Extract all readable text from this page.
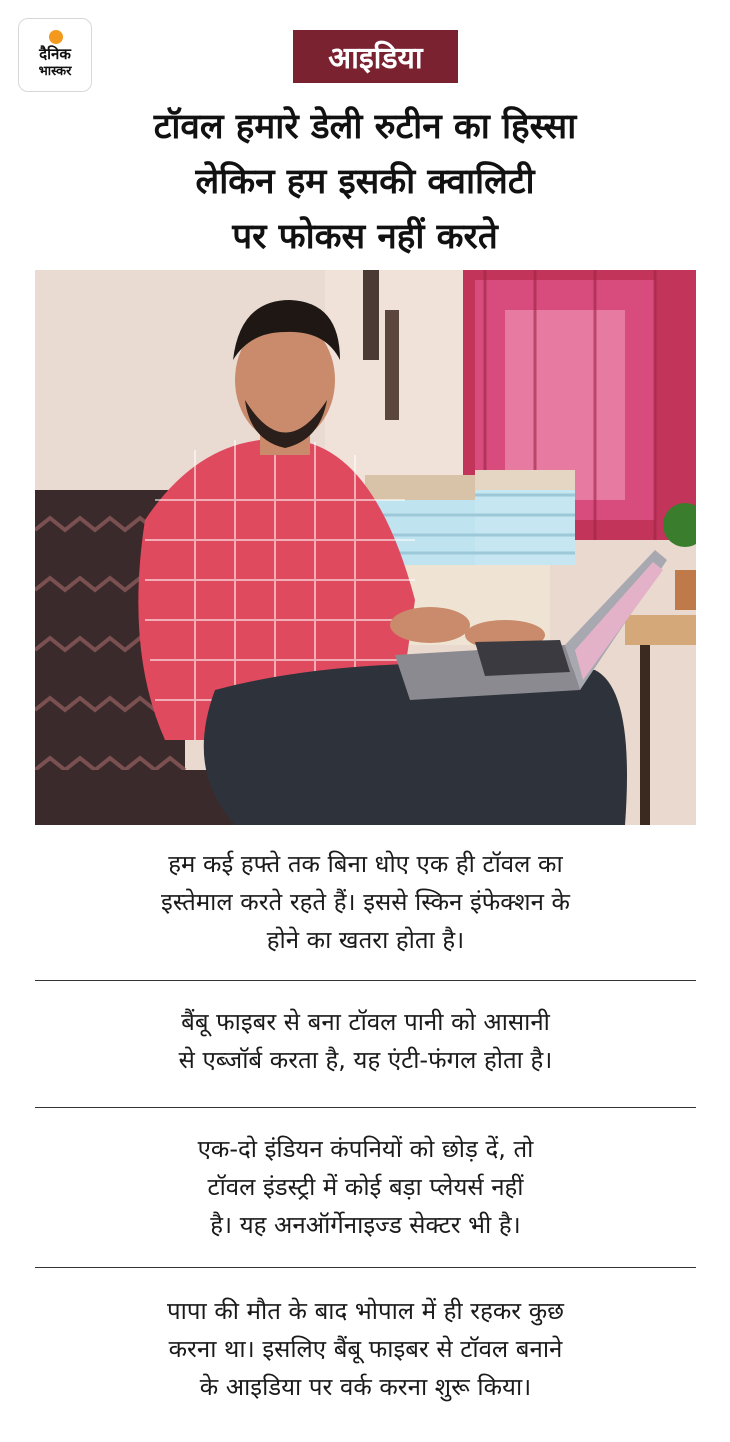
दैनिक
भास्कर	आइडिया
टॉवल हमारे डेली रुटीन का हिस्सा
लेकिन हम इसकी क्वालिटी
पर फोकस नहीं करते
हम कई हफ्ते तक बिना धोए एक ही टॉवल का
इस्तेमाल करते रहते हैं। इससे स्किन इंफेक्शन के
होने का खतरा होता है।
बैंबू फाइबर से बना टॉवल पानी को आसानी
से एब्जॉर्ब करता है, यह एंटी-फंगल होता है।
एक-दो इंडियन कंपनियों को छोड़ दें, तो
टॉवल इंडस्ट्री में कोई बड़ा प्लेयर्स नहीं
है। यह अनऑर्गेनाइज्ड सेक्टर भी है।
पापा की मौत के बाद भोपाल में ही रहकर कुछ
करना था। इसलिए बैंबू फाइबर से टॉवल बनाने
के आइडिया पर वर्क करना शुरू किया।
